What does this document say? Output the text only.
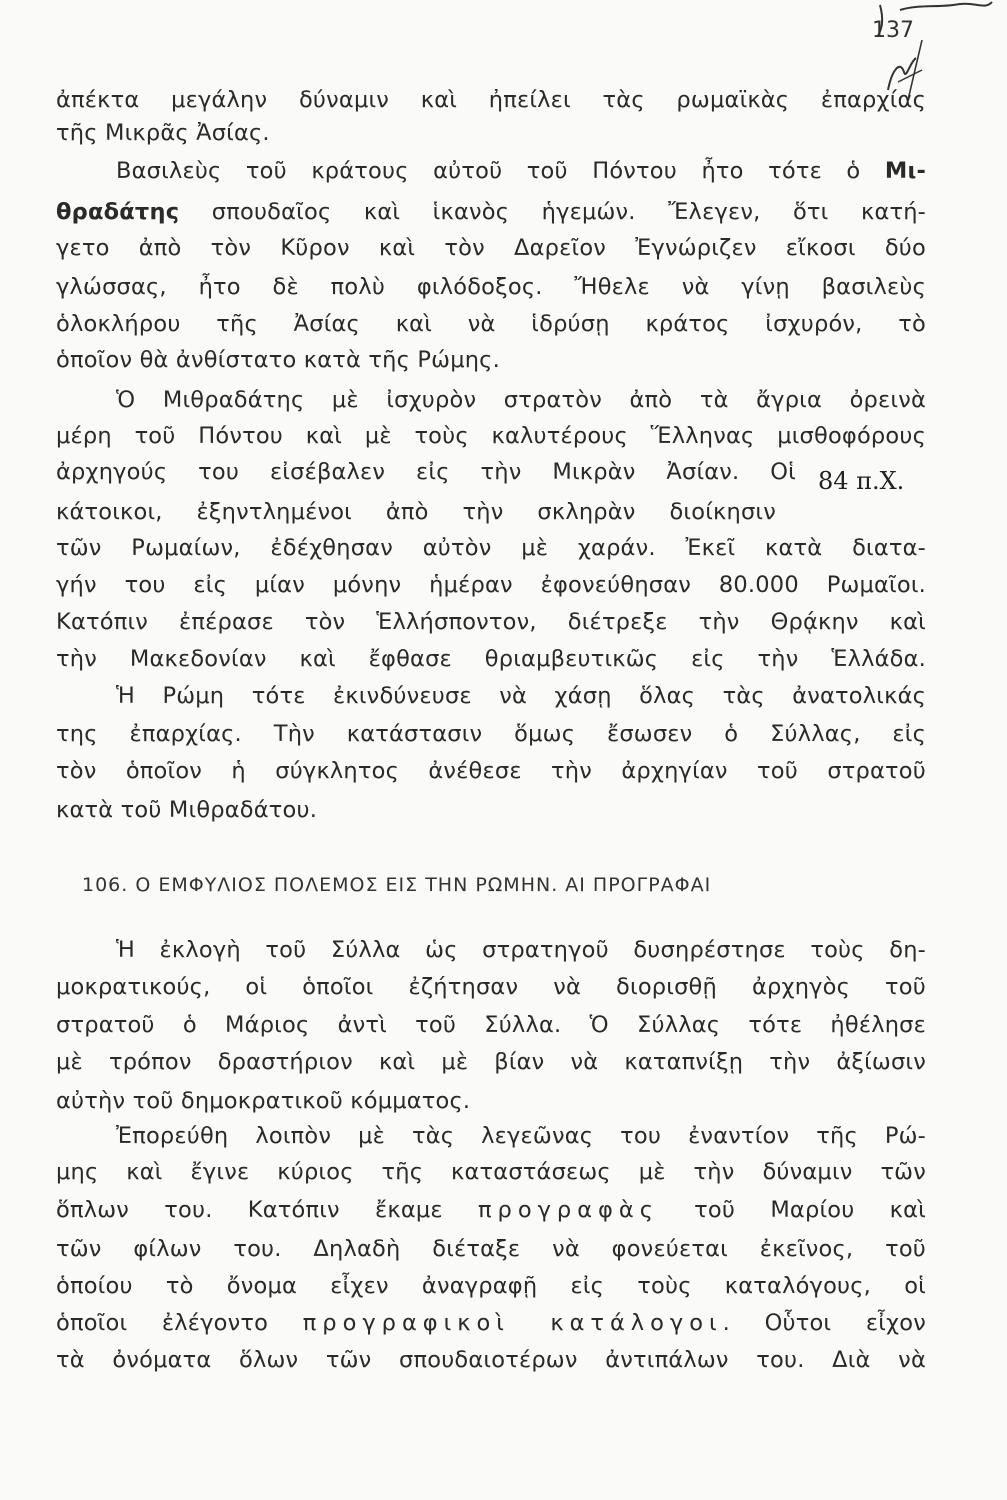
137
ἀπέκτα μεγάλην δύναμιν καὶ ἠπείλει τὰς ρωμαϊκὰς ἐπαρχίας
τῆς Μικρᾶς Ἀσίας.
Βασιλεὺς τοῦ κράτους αὐτοῦ τοῦ Πόντου ἦτο τότε ὁ Μι-
θραδάτης σπουδαῖος καὶ ἱκανὸς ἡγεμών. Ἔλεγεν, ὅτι κατή-
γετο ἀπὸ τὸν Κῦρον καὶ τὸν Δαρεῖον Ἐγνώριζεν εἴκοσι δύο
γλώσσας, ἦτο δὲ πολὺ φιλόδοξος. Ἤθελε νὰ γίνῃ βασιλεὺς
ὁλοκλήρου τῆς Ἀσίας καὶ νὰ ἱδρύσῃ κράτος ἰσχυρόν, τὸ
ὁποῖον θὰ ἀνθίστατο κατὰ τῆς Ρώμης.
Ὁ Μιθραδάτης μὲ ἰσχυρὸν στρατὸν ἀπὸ τὰ ἄγρια ὀρεινὰ
μέρη τοῦ Πόντου καὶ μὲ τοὺς καλυτέρους Ἕλληνας μισθοφόρους
ἀρχηγούς του εἰσέβαλεν εἰς τὴν Μικρὰν Ἀσίαν. Οἱ
κάτοικοι, ἐξηντλημένοι ἀπὸ τὴν σκληρὰν διοίκησιν
τῶν Ρωμαίων, ἐδέχθησαν αὐτὸν μὲ χαράν. Ἐκεῖ κατὰ διατα-
γήν του εἰς μίαν μόνην ἡμέραν ἐφονεύθησαν 80.000 Ρωμαῖοι.
Κατόπιν ἐπέρασε τὸν Ἑλλήσποντον, διέτρεξε τὴν Θρᾴκην καὶ
τὴν Μακεδονίαν καὶ ἔφθασε θριαμβευτικῶς εἰς τὴν Ἑλλάδα.
Ἡ Ρώμη τότε ἐκινδύνευσε νὰ χάσῃ ὅλας τὰς ἀνατολικάς
της ἐπαρχίας. Τὴν κατάστασιν ὅμως ἔσωσεν ὁ Σύλλας, εἰς
τὸν ὁποῖον ἡ σύγκλητος ἀνέθεσε τὴν ἀρχηγίαν τοῦ στρατοῦ
κατὰ τοῦ Μιθραδάτου.
84 π.Χ.
106. Ο ΕΜΦΥΛΙΟΣ ΠΟΛΕΜΟΣ ΕΙΣ ΤΗΝ ΡΩΜΗΝ. ΑΙ ΠΡΟΓΡΑΦΑΙ
Ἡ ἐκλογὴ τοῦ Σύλλα ὡς στρατηγοῦ δυσηρέστησε τοὺς δη-
μοκρατικούς, οἱ ὁποῖοι ἐζήτησαν νὰ διορισθῇ ἀρχηγὸς τοῦ
στρατοῦ ὁ Μάριος ἀντὶ τοῦ Σύλλα. Ὁ Σύλλας τότε ἠθέλησε
μὲ τρόπον δραστήριον καὶ μὲ βίαν νὰ καταπνίξῃ τὴν ἀξίωσιν
αὐτὴν τοῦ δημοκρατικοῦ κόμματος.
Ἐπορεύθη λοιπὸν μὲ τὰς λεγεῶνας του ἐναντίον τῆς Ρώ-
μης καὶ ἔγινε κύριος τῆς καταστάσεως μὲ τὴν δύναμιν τῶν
ὅπλων του. Κατόπιν ἔκαμε προγραφὰς τοῦ Μαρίου καὶ
τῶν φίλων του. Δηλαδὴ διέταξε νὰ φονεύεται ἐκεῖνος, τοῦ
ὁποίου τὸ ὄνομα εἶχεν ἀναγραφῇ εἰς τοὺς καταλόγους, οἱ
ὁποῖοι ἐλέγοντο προγραφικοὶ κατάλογοι. Οὗτοι εἶχον
τὰ ὀνόματα ὅλων τῶν σπουδαιοτέρων ἀντιπάλων του. Διὰ νὰ
